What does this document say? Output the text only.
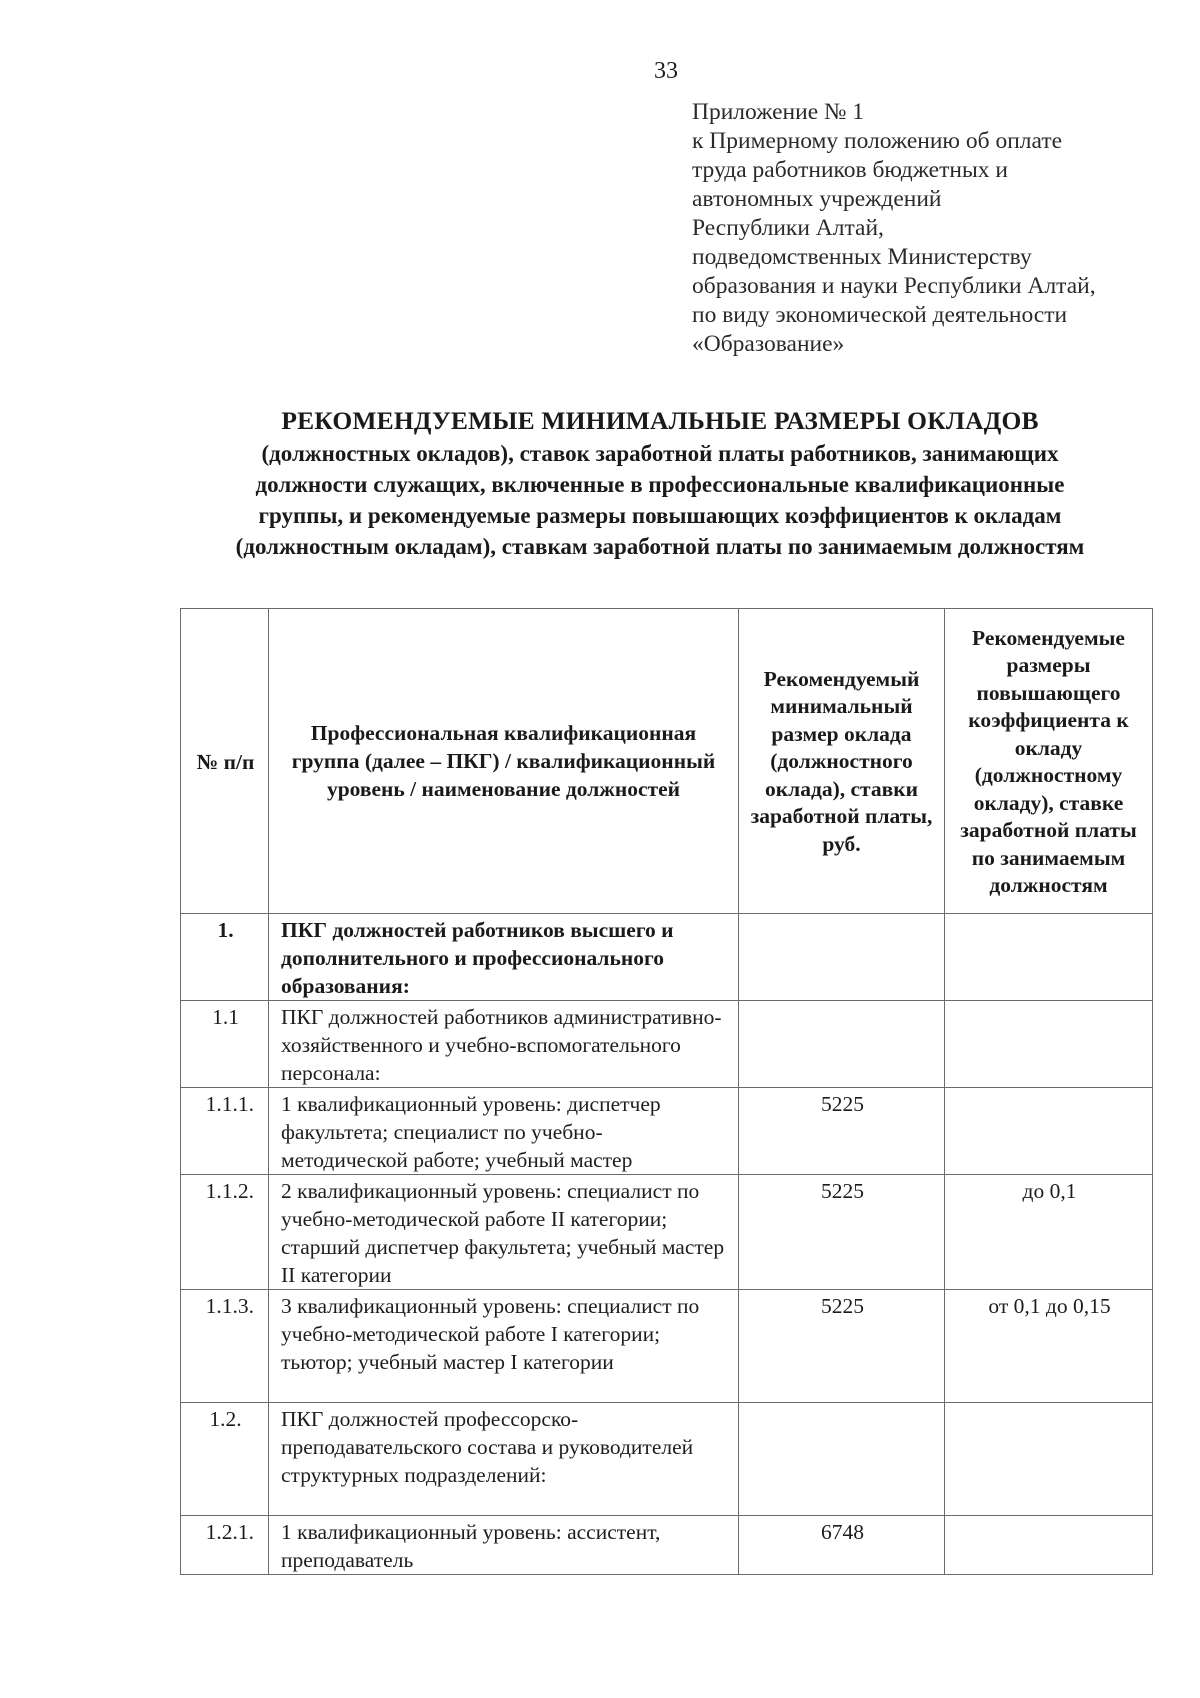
33
Приложение № 1
к Примерному положению об оплате
труда работников бюджетных и
автономных учреждений
Республики Алтай,
подведомственных Министерству
образования и науки Республики Алтай,
по виду экономической деятельности
«Образование»
РЕКОМЕНДУЕМЫЕ МИНИМАЛЬНЫЕ РАЗМЕРЫ ОКЛАДОВ
(должностных окладов), ставок заработной платы работников, занимающих
должности служащих, включенные в профессиональные квалификационные
группы, и рекомендуемые размеры повышающих коэффициентов к окладам
(должностным окладам), ставкам заработной платы по занимаемым должностям
№ п/п	Профессиональная квалификационная группа (далее – ПКГ) / квалификационный уровень / наименование должностей	Рекомендуемый минимальный размер оклада (должностного оклада), ставки заработной платы, руб.	Рекомендуемые размеры повышающего коэффициента к окладу (должностному окладу), ставке заработной платы по занимаемым должностям
1.	ПКГ должностей работников высшего и дополнительного и профессионального образования:		
1.1	ПКГ должностей работников административно-хозяйственного и учебно-вспомогательного персонала:		
1.1.1.	1 квалификационный уровень: диспетчер факультета; специалист по учебно-методической работе; учебный мастер	5225	
1.1.2.	2 квалификационный уровень: специалист по учебно-методической работе II категории; старший диспетчер факультета; учебный мастер II категории	5225	до 0,1
1.1.3.	3 квалификационный уровень: специалист по учебно-методической работе I категории; тьютор; учебный мастер I категории	5225	от 0,1 до 0,15
1.2.	ПКГ должностей профессорско-преподавательского состава и руководителей структурных подразделений:		
1.2.1.	1 квалификационный уровень: ассистент, преподаватель	6748	
